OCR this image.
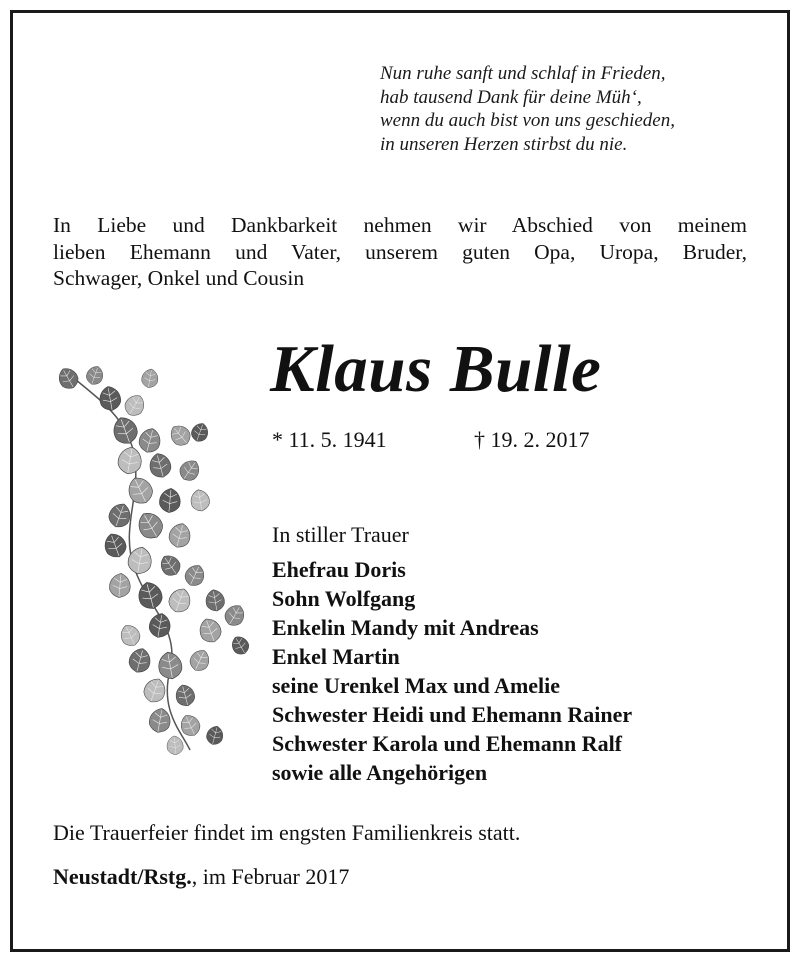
Nun ruhe sanft und schlaf in Frieden,
hab tausend Dank für deine Müh‘,
wenn du auch bist von uns geschieden,
in unseren Herzen stirbst du nie.
In Liebe und Dankbarkeit nehmen wir Abschied von meinem
lieben Ehemann und Vater, unserem guten Opa, Uropa, Bruder,
Schwager, Onkel und Cousin
Klaus Bulle
* 11. 5. 1941	† 19. 2. 2017
In stiller Trauer
Ehefrau Doris
Sohn Wolfgang
Enkelin Mandy mit Andreas
Enkel Martin
seine Urenkel Max und Amelie
Schwester Heidi und Ehemann Rainer
Schwester Karola und Ehemann Ralf
sowie alle Angehörigen
Die Trauerfeier findet im engsten Familienkreis statt.
Neustadt/Rstg., im Februar 2017
